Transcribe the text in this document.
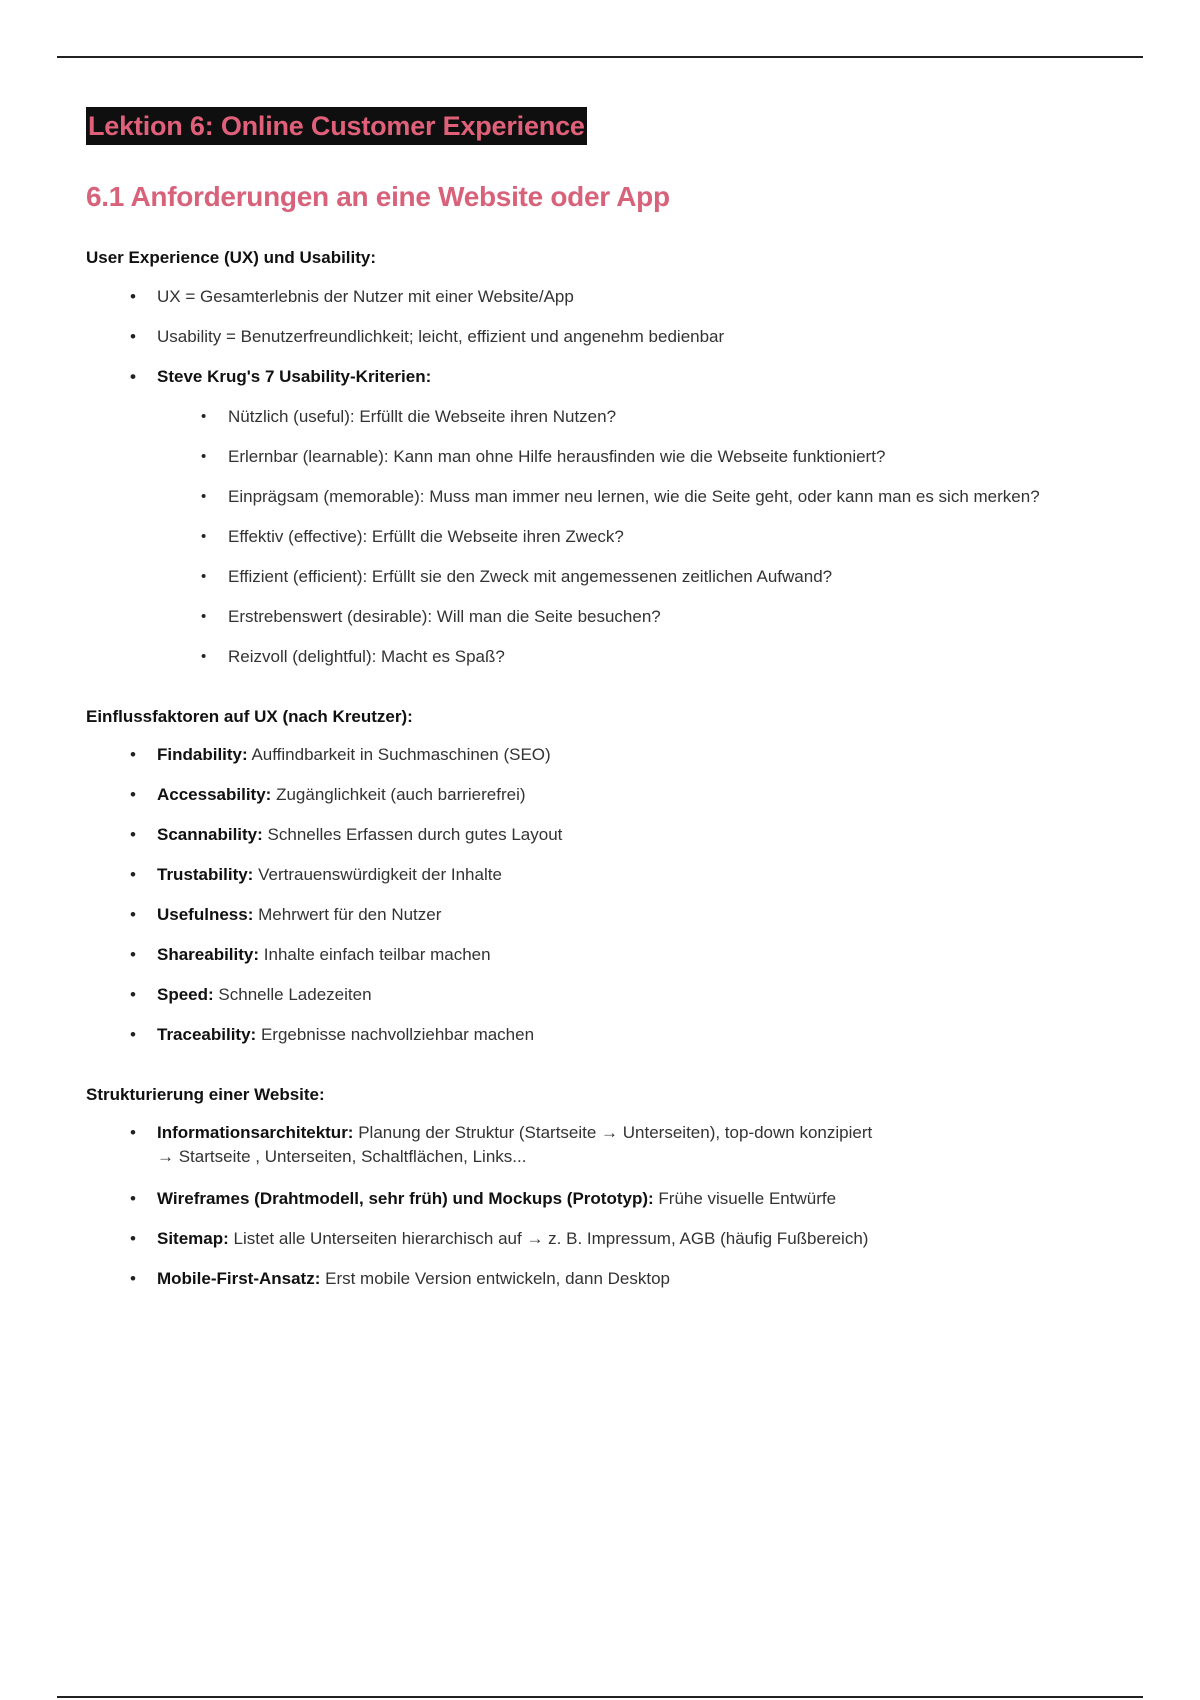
Lektion 6: Online Customer Experience
6.1 Anforderungen an eine Website oder App
User Experience (UX) und Usability:
• UX = Gesamterlebnis der Nutzer mit einer Website/App
• Usability = Benutzerfreundlichkeit; leicht, effizient und angenehm bedienbar
• Steve Krug's 7 Usability-Kriterien:
• Nützlich (useful): Erfüllt die Webseite ihren Nutzen?
• Erlernbar (learnable): Kann man ohne Hilfe herausfinden wie die Webseite funktioniert?
• Einprägsam (memorable): Muss man immer neu lernen, wie die Seite geht, oder kann man es sich merken?
• Effektiv (effective): Erfüllt die Webseite ihren Zweck?
• Effizient (efficient): Erfüllt sie den Zweck mit angemessenen zeitlichen Aufwand?
• Erstrebenswert (desirable): Will man die Seite besuchen?
• Reizvoll (delightful): Macht es Spaß?
Einflussfaktoren auf UX (nach Kreutzer):
• Findability: Auffindbarkeit in Suchmaschinen (SEO)
• Accessability: Zugänglichkeit (auch barrierefrei)
• Scannability: Schnelles Erfassen durch gutes Layout
• Trustability: Vertrauenswürdigkeit der Inhalte
• Usefulness: Mehrwert für den Nutzer
• Shareability: Inhalte einfach teilbar machen
• Speed: Schnelle Ladezeiten
• Traceability: Ergebnisse nachvollziehbar machen
Strukturierung einer Website:
• Informationsarchitektur: Planung der Struktur (Startseite → Unterseiten), top-down konzipiert
→ Startseite , Unterseiten, Schaltflächen, Links...
• Wireframes (Drahtmodell, sehr früh) und Mockups (Prototyp): Frühe visuelle Entwürfe
• Sitemap: Listet alle Unterseiten hierarchisch auf → z. B. Impressum, AGB (häufig Fußbereich)
• Mobile-First-Ansatz: Erst mobile Version entwickeln, dann Desktop
